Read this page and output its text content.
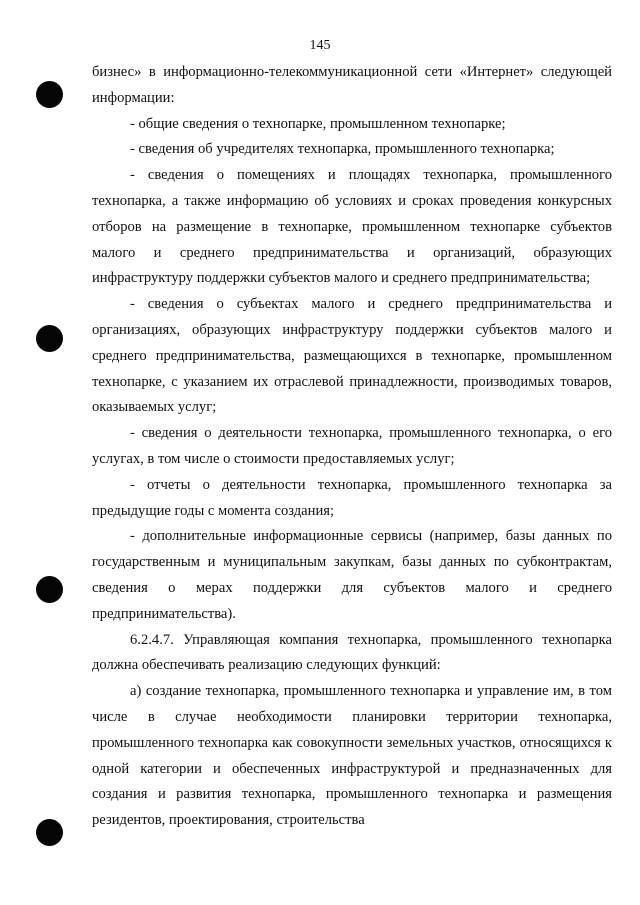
145

бизнес» в информационно-телекоммуникационной сети «Интернет» следующей информации:

- общие сведения о технопарке, промышленном технопарке;

- сведения об учредителях технопарка, промышленного технопарка;

- сведения о помещениях и площадях технопарка, промышленного технопарка, а также информацию об условиях и сроках проведения конкурсных отборов на размещение в технопарке, промышленном технопарке субъектов малого и среднего предпринимательства и организаций, образующих инфраструктуру поддержки субъектов малого и среднего предпринимательства;

- сведения о субъектах малого и среднего предпринимательства и организациях, образующих инфраструктуру поддержки субъектов малого и среднего предпринимательства, размещающихся в технопарке, промышленном технопарке, с указанием их отраслевой принадлежности, производимых товаров, оказываемых услуг;

- сведения о деятельности технопарка, промышленного технопарка, о его услугах, в том числе о стоимости предоставляемых услуг;

- отчеты о деятельности технопарка, промышленного технопарка за предыдущие годы с момента создания;

- дополнительные информационные сервисы (например, базы данных по государственным и муниципальным закупкам, базы данных по субконтрактам, сведения о мерах поддержки для субъектов малого и среднего предпринимательства).

6.2.4.7. Управляющая компания технопарка, промышленного технопарка должна обеспечивать реализацию следующих функций:

а) создание технопарка, промышленного технопарка и управление им, в том числе в случае необходимости планировки территории технопарка, промышленного технопарка как совокупности земельных участков, относящихся к одной категории и обеспеченных инфраструктурой и предназначенных для создания и развития технопарка, промышленного технопарка и размещения резидентов, проектирования, строительства
